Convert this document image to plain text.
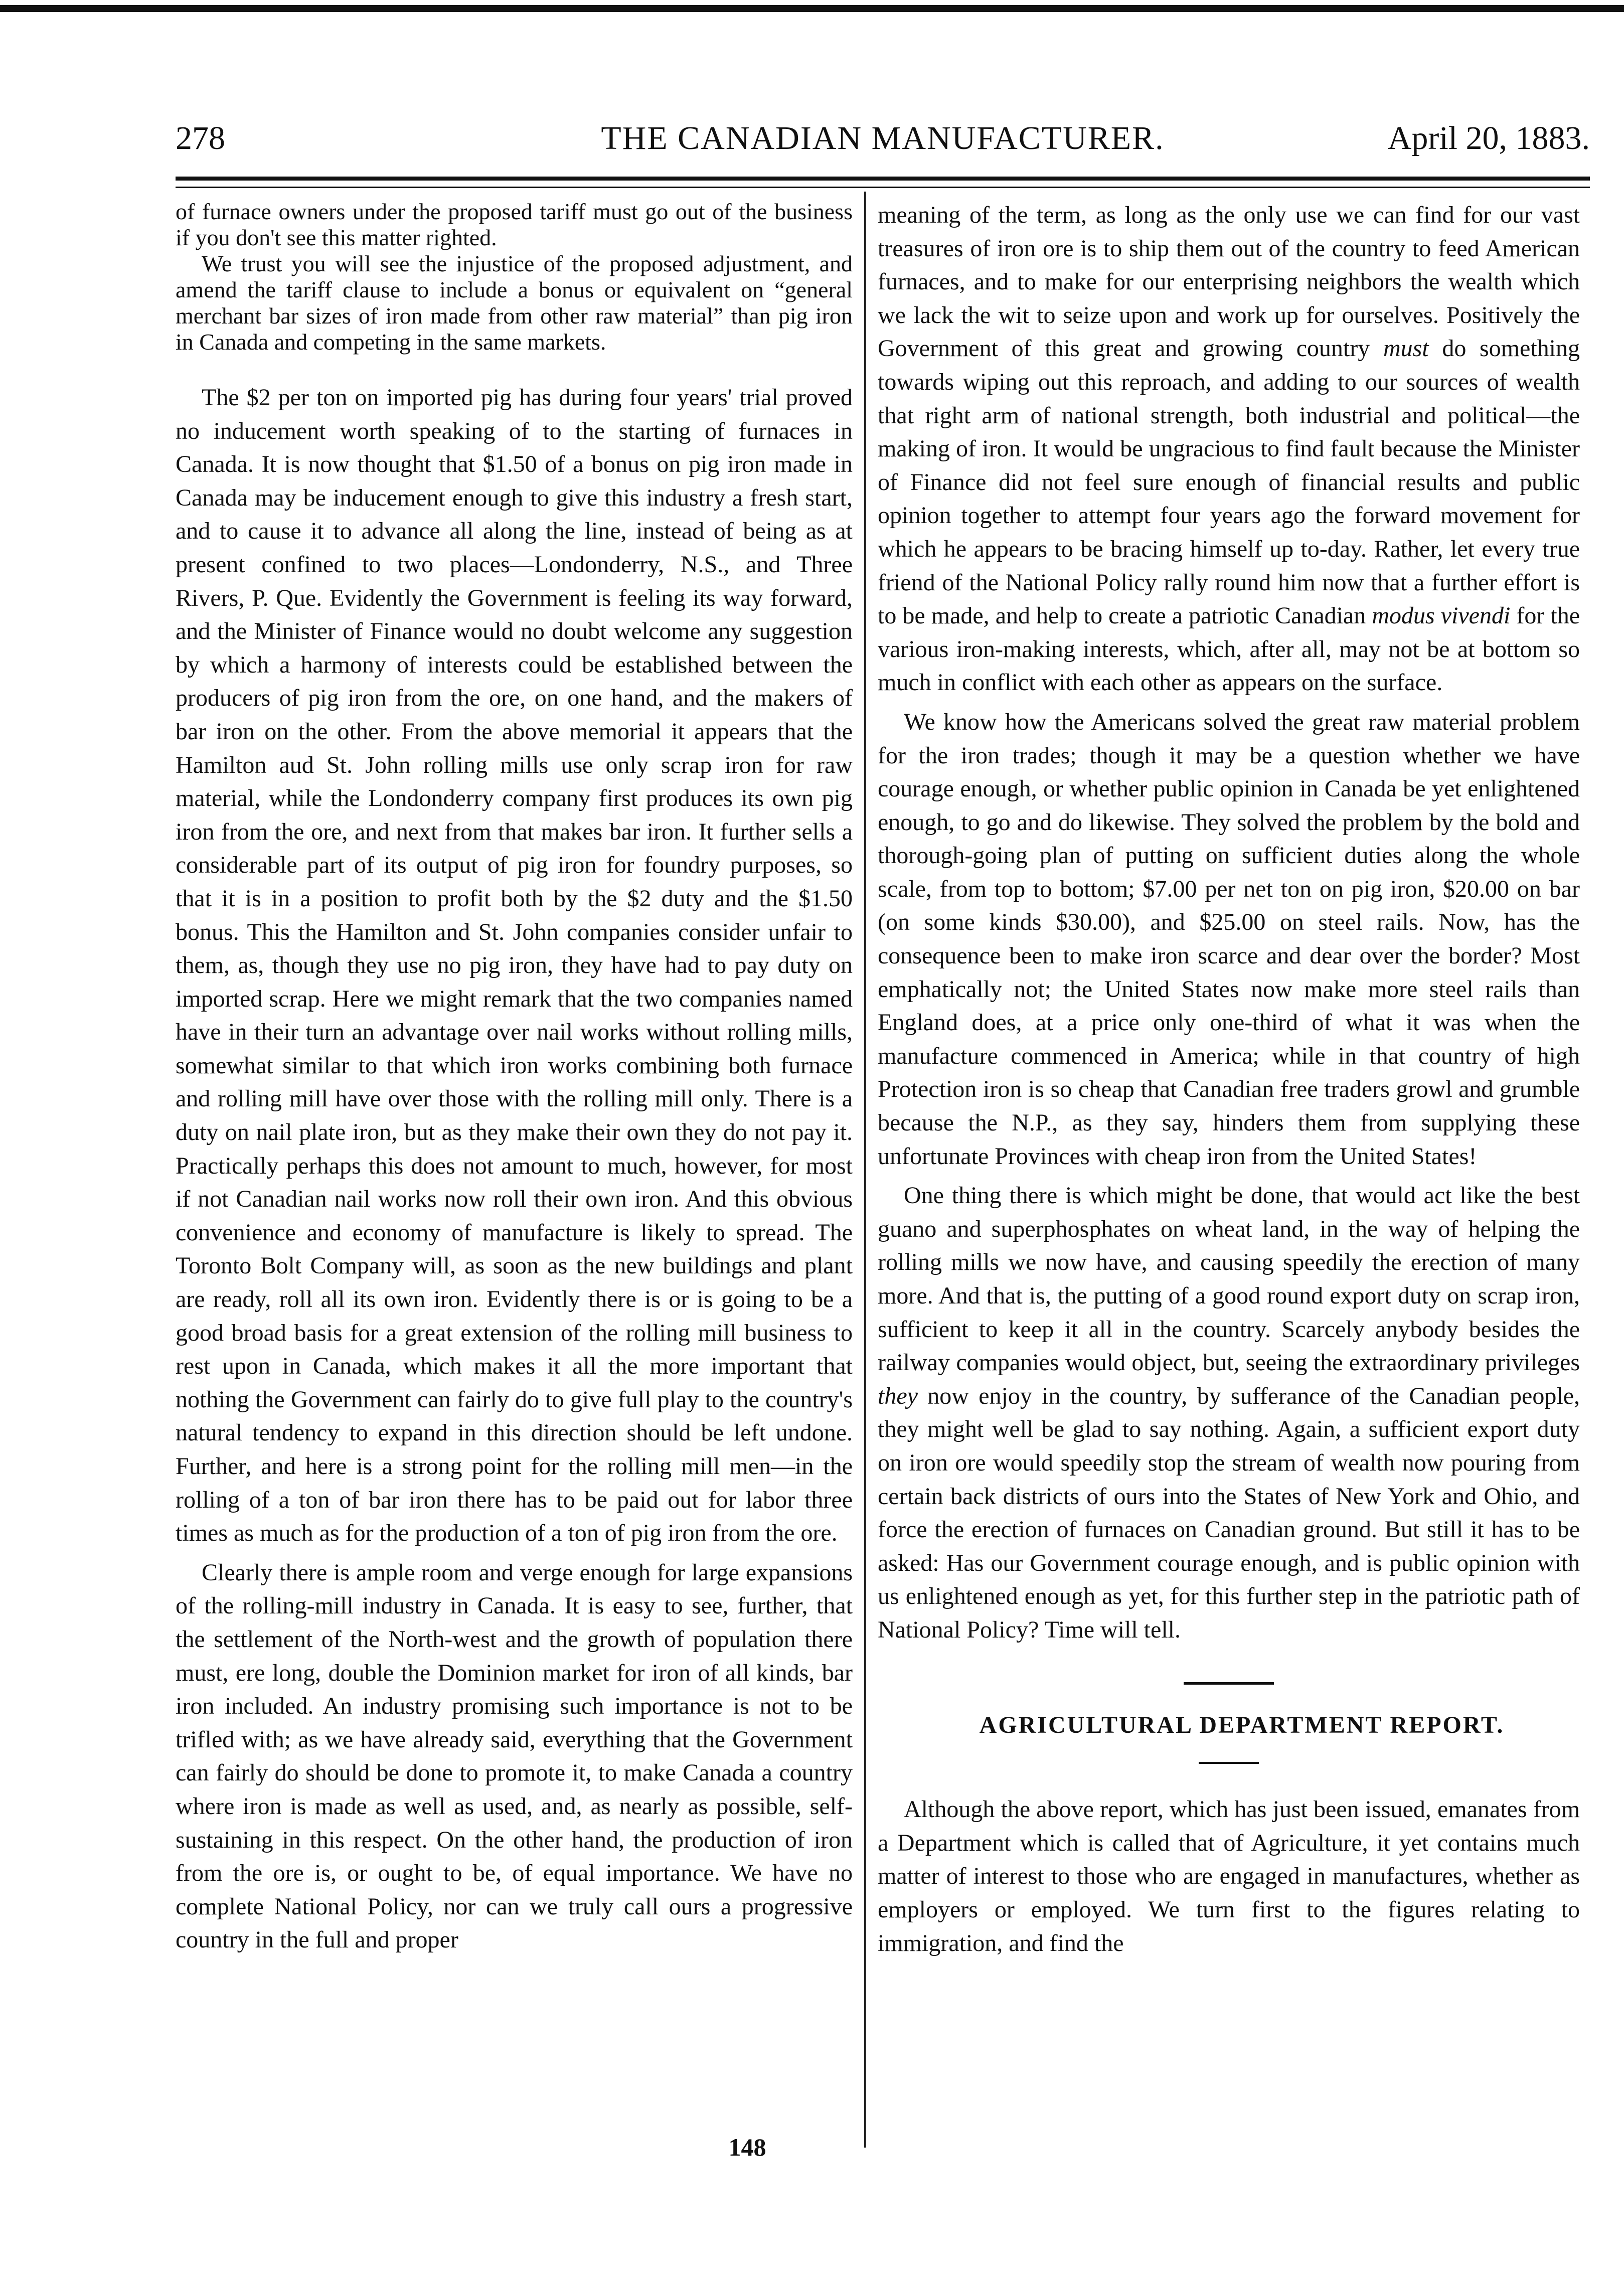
THE CANADIAN MANUFACTURER.
278	April 20, 1883.

of furnace owners under the proposed tariff must go out of the business if you don't see this matter righted.

We trust you will see the injustice of the proposed adjustment, and amend the tariff clause to include a bonus or equivalent on “general merchant bar sizes of iron made from other raw material” than pig iron in Canada and competing in the same markets.

The $2 per ton on imported pig has during four years' trial proved no inducement worth speaking of to the starting of furnaces in Canada. It is now thought that $1.50 of a bonus on pig iron made in Canada may be inducement enough to give this industry a fresh start, and to cause it to advance all along the line, instead of being as at present confined to two places—Londonderry, N.S., and Three Rivers, P. Que. Evidently the Government is feeling its way forward, and the Minister of Finance would no doubt welcome any suggestion by which a harmony of interests could be established between the producers of pig iron from the ore, on one hand, and the makers of bar iron on the other. From the above memorial it appears that the Hamilton aud St. John rolling mills use only scrap iron for raw material, while the Londonderry company first produces its own pig iron from the ore, and next from that makes bar iron. It further sells a considerable part of its output of pig iron for foundry purposes, so that it is in a position to profit both by the $2 duty and the $1.50 bonus. This the Hamilton and St. John companies consider unfair to them, as, though they use no pig iron, they have had to pay duty on imported scrap. Here we might remark that the two companies named have in their turn an advantage over nail works without rolling mills, somewhat similar to that which iron works combining both furnace and rolling mill have over those with the rolling mill only. There is a duty on nail plate iron, but as they make their own they do not pay it. Practically perhaps this does not amount to much, however, for most if not Canadian nail works now roll their own iron. And this obvious convenience and economy of manufacture is likely to spread. The Toronto Bolt Company will, as soon as the new buildings and plant are ready, roll all its own iron. Evidently there is or is going to be a good broad basis for a great extension of the rolling mill business to rest upon in Canada, which makes it all the more important that nothing the Government can fairly do to give full play to the country's natural tendency to expand in this direction should be left undone. Further, and here is a strong point for the rolling mill men—in the rolling of a ton of bar iron there has to be paid out for labor three times as much as for the production of a ton of pig iron from the ore.

Clearly there is ample room and verge enough for large expansions of the rolling-mill industry in Canada. It is easy to see, further, that the settlement of the North-west and the growth of population there must, ere long, double the Dominion market for iron of all kinds, bar iron included. An industry promising such importance is not to be trifled with; as we have already said, everything that the Government can fairly do should be done to promote it, to make Canada a country where iron is made as well as used, and, as nearly as possible, self-sustaining in this respect. On the other hand, the production of iron from the ore is, or ought to be, of equal importance. We have no complete National Policy, nor can we truly call ours a progressive country in the full and proper

meaning of the term, as long as the only use we can find for our vast treasures of iron ore is to ship them out of the country to feed American furnaces, and to make for our enterprising neighbors the wealth which we lack the wit to seize upon and work up for ourselves. Positively the Government of this great and growing country must do something towards wiping out this reproach, and adding to our sources of wealth that right arm of national strength, both industrial and political—the making of iron. It would be ungracious to find fault because the Minister of Finance did not feel sure enough of financial results and public opinion together to attempt four years ago the forward movement for which he appears to be bracing himself up to-day. Rather, let every true friend of the National Policy rally round him now that a further effort is to be made, and help to create a patriotic Canadian modus vivendi for the various iron-making interests, which, after all, may not be at bottom so much in conflict with each other as appears on the surface.

We know how the Americans solved the great raw material problem for the iron trades; though it may be a question whether we have courage enough, or whether public opinion in Canada be yet enlightened enough, to go and do likewise. They solved the problem by the bold and thorough-going plan of putting on sufficient duties along the whole scale, from top to bottom; $7.00 per net ton on pig iron, $20.00 on bar (on some kinds $30.00), and $25.00 on steel rails. Now, has the consequence been to make iron scarce and dear over the border? Most emphatically not; the United States now make more steel rails than England does, at a price only one-third of what it was when the manufacture commenced in America; while in that country of high Protection iron is so cheap that Canadian free traders growl and grumble because the N.P., as they say, hinders them from supplying these unfortunate Provinces with cheap iron from the United States!

One thing there is which might be done, that would act like the best guano and superphosphates on wheat land, in the way of helping the rolling mills we now have, and causing speedily the erection of many more. And that is, the putting of a good round export duty on scrap iron, sufficient to keep it all in the country. Scarcely anybody besides the railway companies would object, but, seeing the extraordinary privileges they now enjoy in the country, by sufferance of the Canadian people, they might well be glad to say nothing. Again, a sufficient export duty on iron ore would speedily stop the stream of wealth now pouring from certain back districts of ours into the States of New York and Ohio, and force the erection of furnaces on Canadian ground. But still it has to be asked: Has our Government courage enough, and is public opinion with us enlightened enough as yet, for this further step in the patriotic path of National Policy? Time will tell.

AGRICULTURAL DEPARTMENT REPORT.

Although the above report, which has just been issued, emanates from a Department which is called that of Agriculture, it yet contains much matter of interest to those who are engaged in manufactures, whether as employers or employed. We turn first to the figures relating to immigration, and find the

148
